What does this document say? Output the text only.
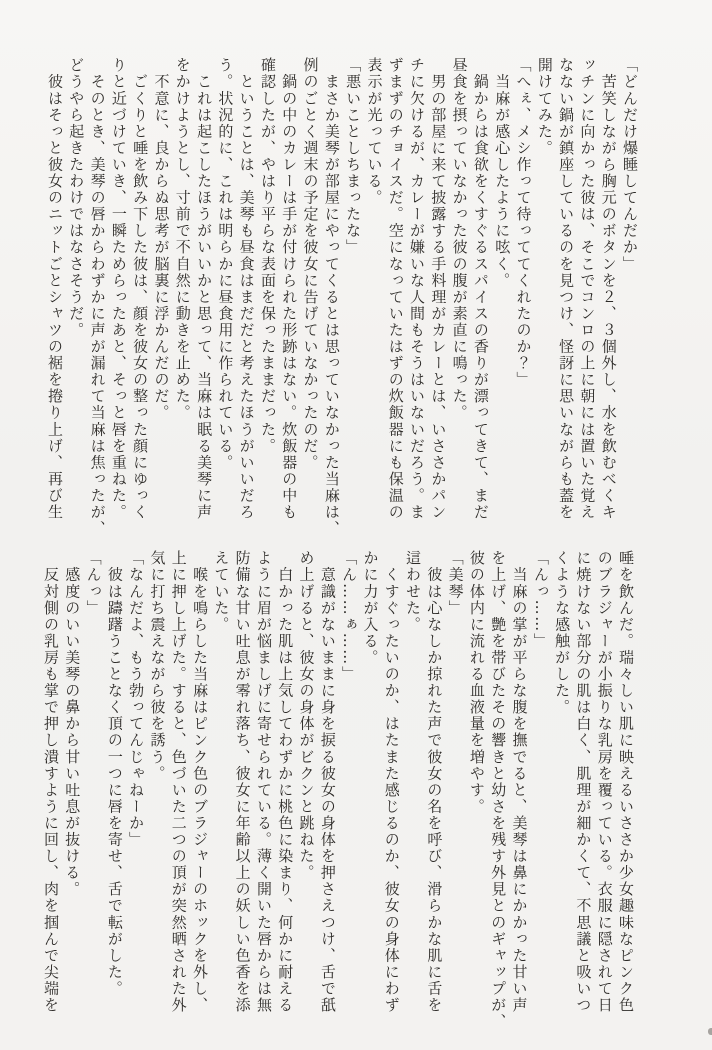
「どんだけ爆睡してんだか」
　苦笑しながら胸元のボタンを２、３個外し、水を飲むべくキ
ッチンに向かった彼は、そこでコンロの上に朝には置いた覚え
なない鍋が鎮座しているのを見つけ、怪訝に思いながらも蓋を
開けてみた。
「へぇ、メシ作って待っててくれたのか？」
　当麻が感心したように呟く。
　鍋からは食欲をくすぐるスパイスの香りが漂ってきて、まだ
昼食を摂っていなかった彼の腹が素直に鳴った。
　男の部屋に来て披露する手料理がカレーとは、いささかパン
チに欠けるが、カレーが嫌いな人間もそうはいないだろう。ま
ずまずのチョイスだ。空になっていたはずの炊飯器にも保温の
表示が光っている。
「悪いことしちまったな」
　まさか美琴が部屋にやってくるとは思っていなかった当麻は、
例のごとく週末の予定を彼女に告げていなかったのだ。
　鍋の中のカレーは手が付けられた形跡はない。炊飯器の中も
確認したが、やはり平らな表面を保ったままだった。
　ということは、美琴も昼食はまだだと考えたほうがいいだろ
う。状況的に、これは明らかに昼食用に作られている。
　これは起こしたほうがいいかと思って、当麻は眠る美琴に声
をかけようとし、寸前で不自然に動きを止めた。
　不意に、良からぬ思考が脳裏に浮かんだのだ。
　ごくりと唾を飲み下した彼は、顔を彼女の整った顔にゆっく
りと近づけていき、一瞬ためらったあと、そっと唇を重ねた。
　そのとき、美琴の唇からわずかに声が漏れて当麻は焦ったが、
どうやら起きたわけではなさそうだ。
　彼はそっと彼女のニットごとシャツの裾を捲り上げ、再び生
唾を飲んだ。瑞々しい肌に映えるいささか少女趣味なピンク色
のブラジャーが小振りな乳房を覆っている。衣服に隠されて日
に焼けない部分の肌は白く、肌理が細かくて、不思議と吸いつ
くような感触がした。
「んっ……」
　当麻の掌が平らな腹を撫でると、美琴は鼻にかかった甘い声
を上げ、艶を帯びたその響きと幼さを残す外見とのギャップが、
彼の体内に流れる血液量を増やす。
「美琴」
　彼は心なしか掠れた声で彼女の名を呼び、滑らかな肌に舌を
這わせた。
　くすぐったいのか、はたまた感じるのか、彼女の身体にわず
かに力が入る。
「ん……ぁ……」
　意識がないままに身を捩る彼女の身体を押さえつけ、舌で舐
め上げると、彼女の身体がビクンと跳ねた。
　白かった肌は上気してわずかに桃色に染まり、何かに耐える
ように眉が悩ましげに寄せられている。薄く開いた唇からは無
防備な甘い吐息が零れ落ち、彼女に年齢以上の妖しい色香を添
えていた。
　喉を鳴らした当麻はピンク色のブラジャーのホックを外し、
上に押し上げた。すると、色づいた二つの頂が突然晒された外
気に打ち震えながら彼を誘う。
「なんだよ、もう勃ってんじゃねーか」
　彼は躊躇うことなく頂の一つに唇を寄せ、舌で転がした。
「んっ」
　感度のいい美琴の鼻から甘い吐息が抜ける。
　反対側の乳房も掌で押し潰すように回し、肉を掴んで尖端を
